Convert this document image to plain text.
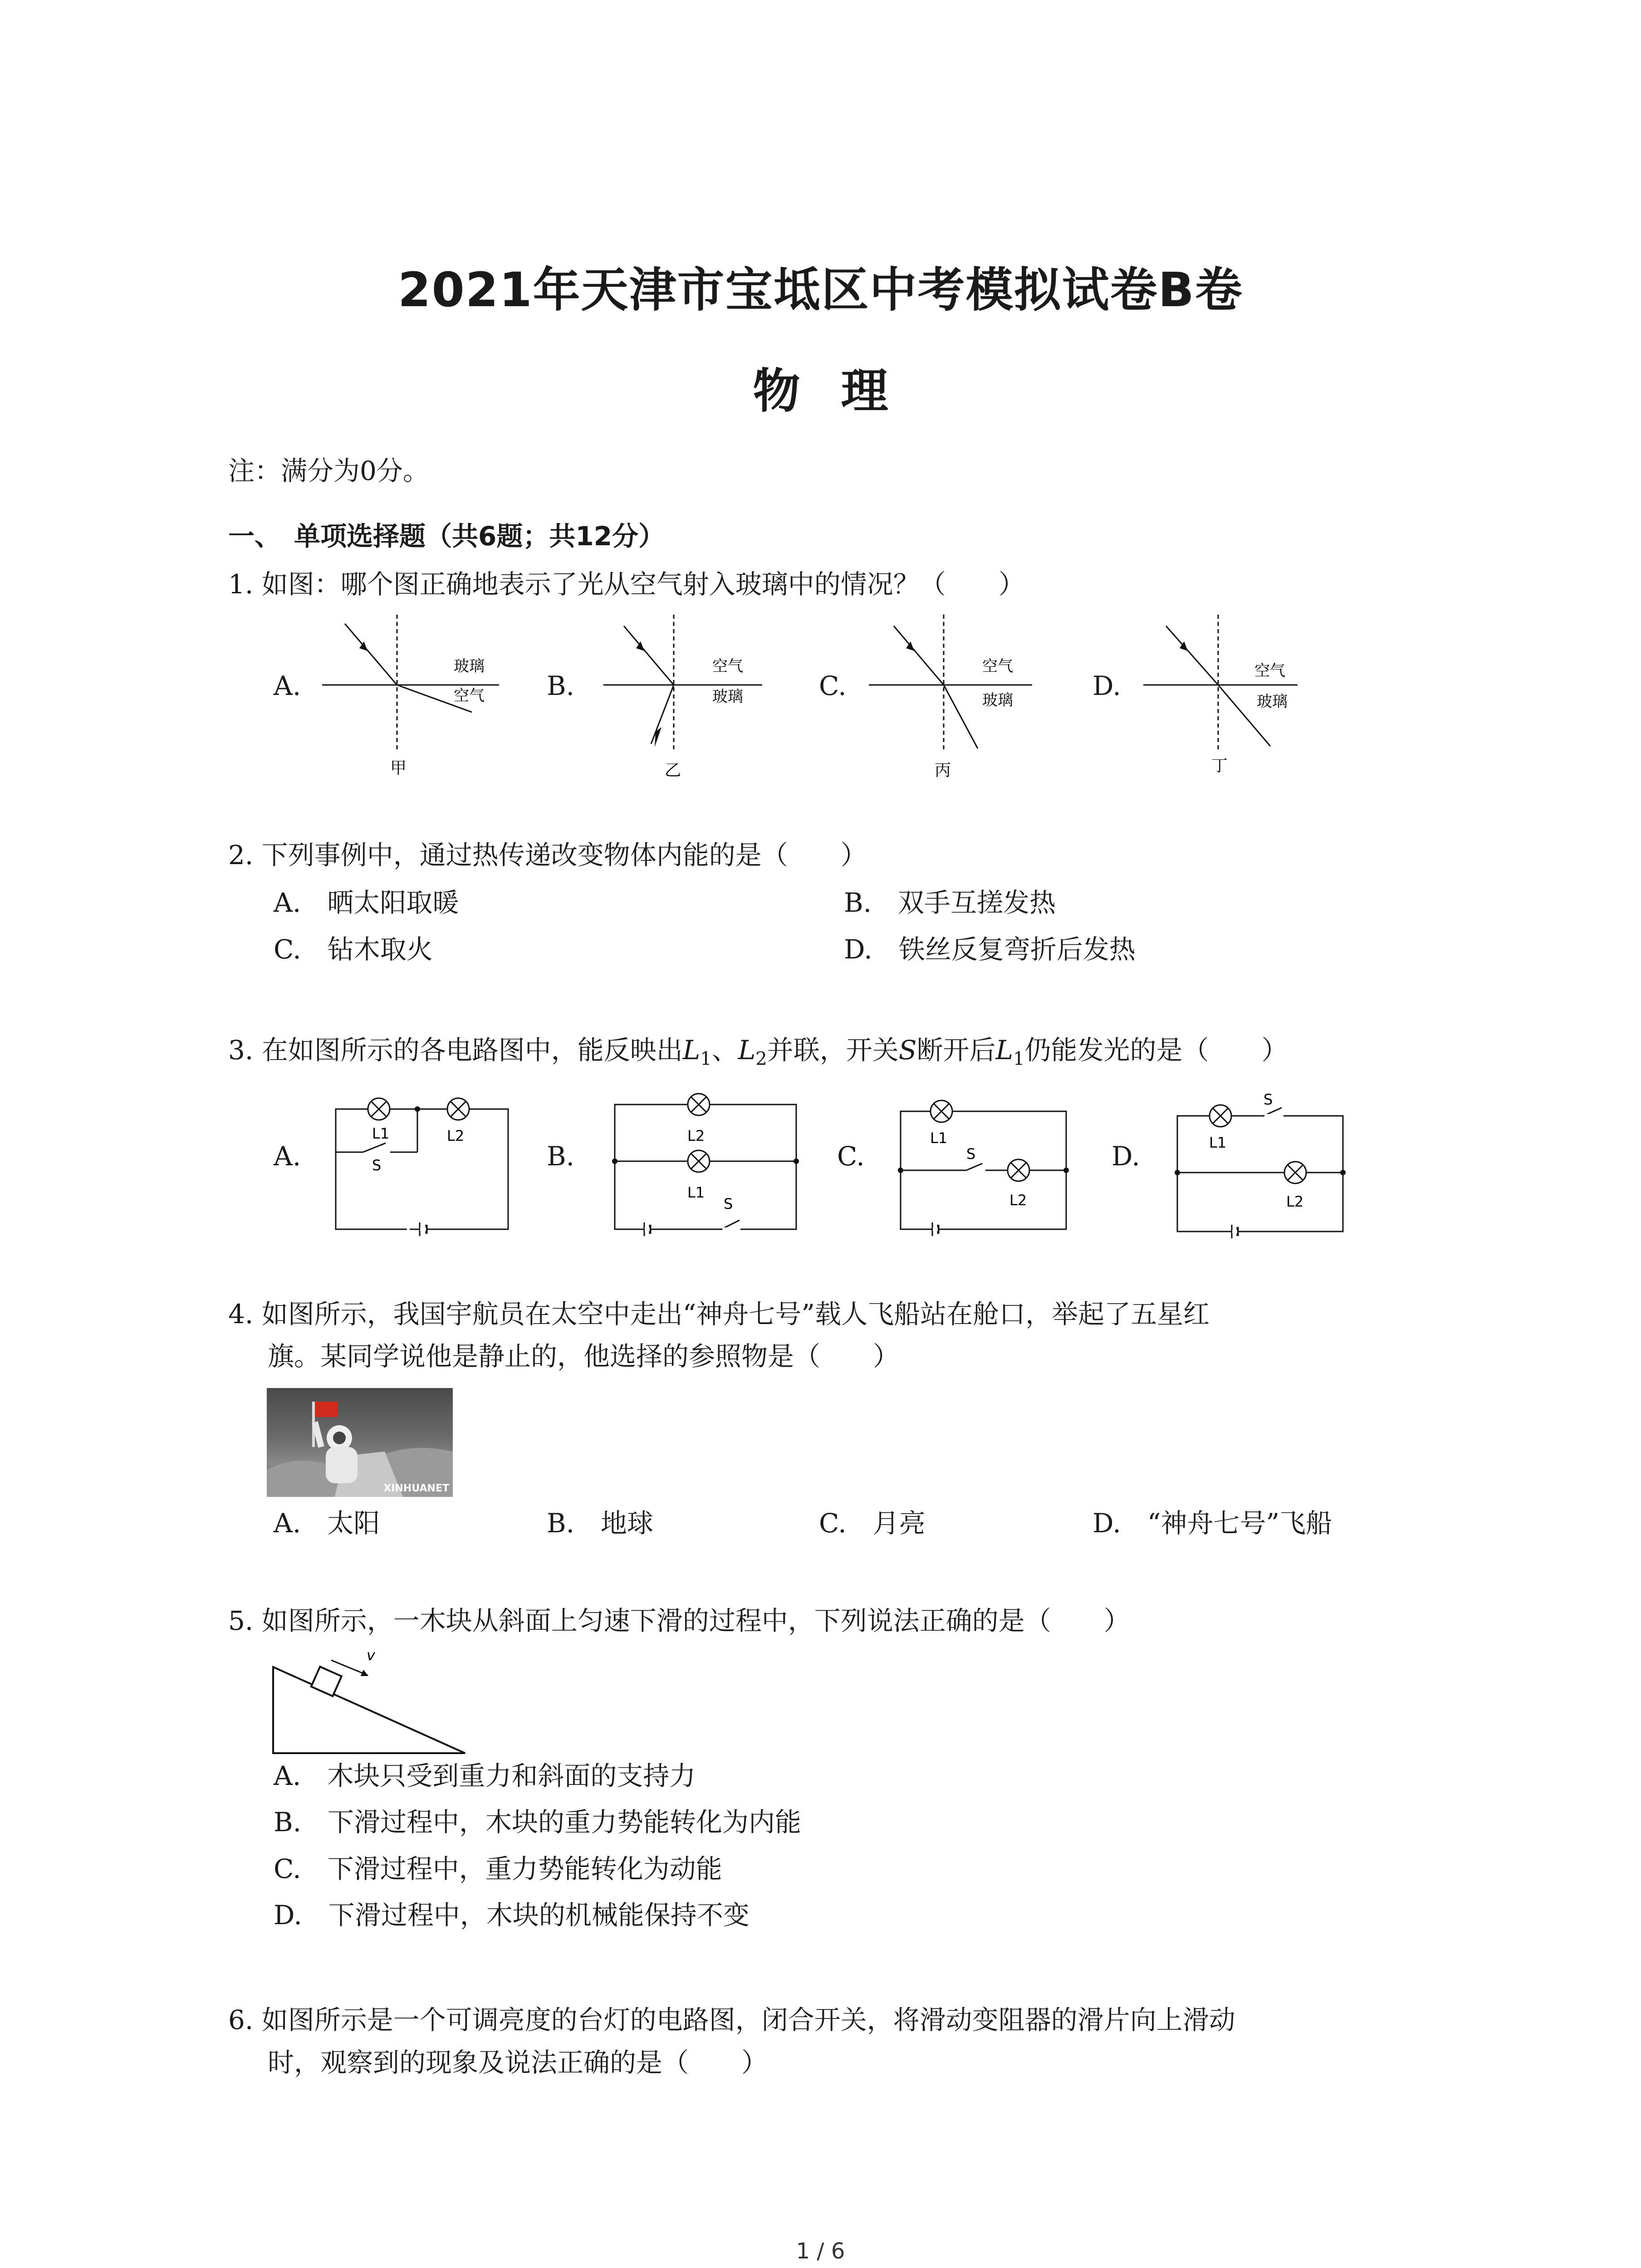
2021年天津市宝坻区中考模拟试卷B卷
物理
注：满分为0分。
一、　单项选择题（共6题；共12分）
1. 如图：哪个图正确地表示了光从空气射入玻璃中的情况？（　　）
A.
玻璃
空气
甲
B.
空气
玻璃
乙
C.
空气
玻璃
丙
D.	空气
玻璃
丁
2. 下列事例中，通过热传递改变物体内能的是（　　）
A.　晒太阳取暖	B.　双手互搓发热
C.　钻木取火	D.　铁丝反复弯折后发热
3. 在如图所示的各电路图中，能反映出$L_1$、$L_2$并联，开关S断开后$L_1$仍能发光的是（　　）
A.
L1	L2
S	B.
L2
L1
S
C.
L1
S
L2
D.	L1
S
L2
4. 如图所示，我国宇航员在太空中走出“神舟七号”载人飞船站在舱口，举起了五星红
旗。某同学说他是静止的，他选择的参照物是（　　）
XINHUANET
A.　太阳	B.　地球	C.　月亮	D.　“神舟七号”飞船
5. 如图所示，一木块从斜面上匀速下滑的过程中，下列说法正确的是（　　）
v
A.　木块只受到重力和斜面的支持力
B.　下滑过程中，木块的重力势能转化为内能
C.　下滑过程中，重力势能转化为动能
D.　下滑过程中，木块的机械能保持不变
6. 如图所示是一个可调亮度的台灯的电路图，闭合开关，将滑动变阻器的滑片向上滑动
时，观察到的现象及说法正确的是（　　）
1 / 6
